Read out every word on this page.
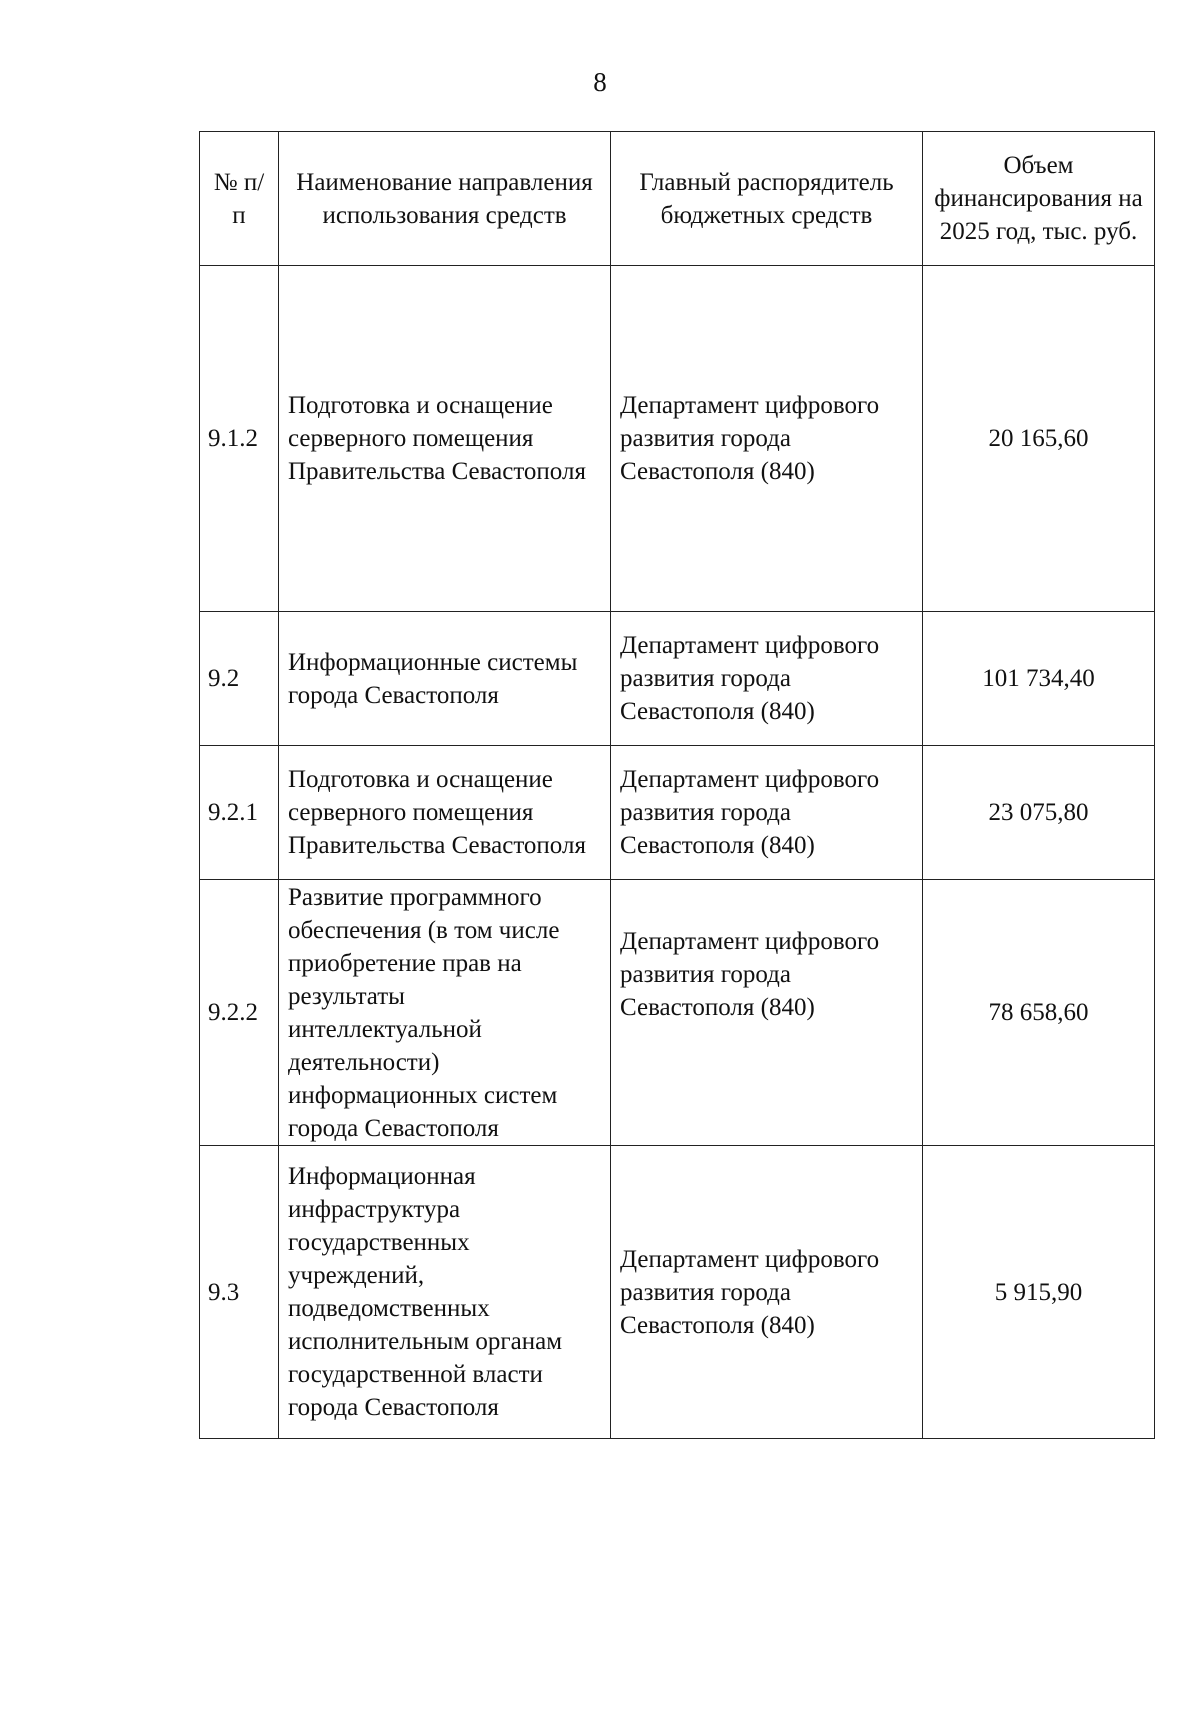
8
№ п/п	Наименование направления использования средств	Главный распорядитель бюджетных средств	Объем финансирования на 2025 год, тыс. руб.
9.1.2	Подготовка и оснащение серверного помещения Правительства Севастополя	Департамент цифрового развития города Севастополя (840)	20 165,60
9.2	Информационные системы города Севастополя	Департамент цифрового развития города Севастополя (840)	101 734,40
9.2.1	Подготовка и оснащение серверного помещения Правительства Севастополя	Департамент цифрового развития города Севастополя (840)	23 075,80
9.2.2	Развитие программного обеспечения (в том числе приобретение прав на результаты интеллектуальной деятельности) информационных систем города Севастополя	Департамент цифрового развития города Севастополя (840)	78 658,60
9.3	Информационная инфраструктура государственных учреждений, подведомственных исполнительным органам государственной власти города Севастополя	Департамент цифрового развития города Севастополя (840)	5 915,90
